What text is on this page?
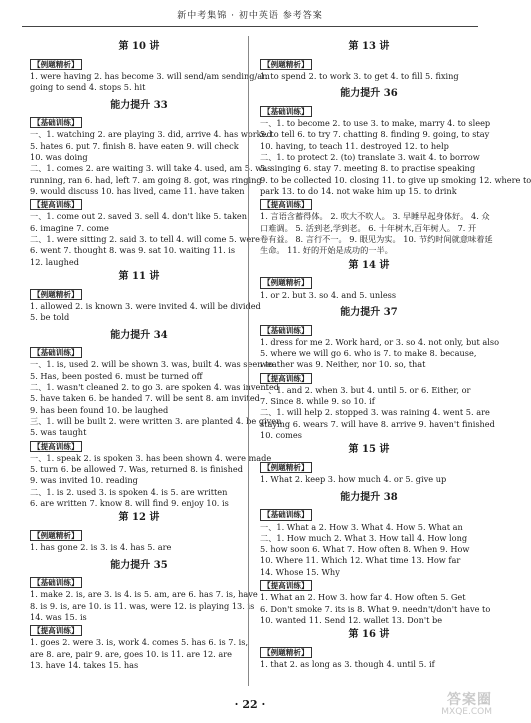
新中考集锦 · 初中英语 参考答案
第 10 讲
【例题精析】
1. were having 2. has become 3. will send/am sending/am
going to send 4. stops 5. hit
能力提升 33
【基础训练】
一、1. watching 2. are playing 3. did, arrive 4. has worked
5. hates 6. put 7. finish 8. have eaten 9. will check
10. was doing
二、1. comes 2. are waiting 3. will take 4. used, am 5. was
running, ran 6. had, left 7. am going 8. got, was ringing
9. would discuss 10. has lived, came 11. have taken
【提高训练】
一、1. come out 2. saved 3. sell 4. don't like 5. taken
6. imagine 7. come
二、1. were sitting 2. said 3. to tell 4. will come 5. were
6. went 7. thought 8. was 9. sat 10. waiting 11. is
12. laughed
第 11 讲
【例题精析】
1. allowed 2. is known 3. were invited 4. will be divided
5. be told
能力提升 34
【基础训练】
一、1. is, used 2. will be shown 3. was, built 4. was seen to
5. Has, been posted 6. must be turned off
二、1. wasn't cleaned 2. to go 3. are spoken 4. was invented
5. have taken 6. be handed 7. will be sent 8. am invited
9. has been found 10. be laughed
三、1. will be built 2. were written 3. are planted 4. be given
5. was taught
【提高训练】
一、1. speak 2. is spoken 3. has been shown 4. were made
5. turn 6. be allowed 7. Was, returned 8. is finished
9. was invited 10. reading
二、1. is 2. used 3. is spoken 4. is 5. are written
6. are written 7. know 8. will find 9. enjoy 10. is
第 12 讲
【例题精析】
1. has gone 2. is 3. is 4. has 5. are
能力提升 35
【基础训练】
1. make 2. is, are 3. is 4. is 5. am, are 6. has 7. is, have
8. is 9. is, are 10. is 11. was, were 12. is playing 13. is
14. was 15. is
【提高训练】
1. goes 2. were 3. is, work 4. comes 5. has 6. is 7. is,
are 8. are, pair 9. are, goes 10. is 11. are 12. are
13. have 14. takes 15. has
第 13 讲
【例题精析】
1. to spend 2. to work 3. to get 4. to fill 5. fixing
能力提升 36
【基础训练】
一、1. to become 2. to use 3. to make, marry 4. to sleep
5. to tell 6. to try 7. chatting 8. finding 9. going, to stay
10. having, to teach 11. destroyed 12. to help
二、1. to protect 2. (to) translate 3. wait 4. to borrow
5. singing 6. stay 7. meeting 8. to practise speaking
9. to be collected 10. closing 11. to give up smoking 12. where to
park 13. to do 14. not wake him up 15. to drink
【提高训练】
1. 言语含蓄得体。 2. 吹大不吹人。 3. 早睡早起身体好。 4. 众
口难调。 5. 活到老,学到老。 6. 十年树木,百年树人。 7. 开
卷有益。 8. 言行不一。 9. 眼见为实。 10. 节约时间就意味着延
生命。 11. 好的开始是成功的一半。
第 14 讲
【例题精析】
1. or 2. but 3. so 4. and 5. unless
能力提升 37
【基础训练】
1. dress for me 2. Work hard, or 3. so 4. not only, but also
5. where we will go 6. who is 7. to make 8. because,
weather was 9. Neither, nor 10. so, that
【提高训练】
一、1. and 2. when 3. but 4. until 5. or 6. Either, or
7. Since 8. while 9. so 10. if
二、1. will help 2. stopped 3. was raining 4. went 5. are
staying 6. wears 7. will have 8. arrive 9. haven't finished
10. comes
第 15 讲
【例题精析】
1. What 2. keep 3. how much 4. or 5. give up
能力提升 38
【基础训练】
一、1. What a 2. How 3. What 4. How 5. What an
二、1. How much 2. What 3. How tall 4. How long
5. how soon 6. What 7. How often 8. When 9. How
10. Where 11. Which 12. What time 13. How far
14. Whose 15. Why
【提高训练】
1. What an 2. How 3. how far 4. How often 5. Get
6. Don't smoke 7. its is 8. What 9. needn't/don't have to
10. wanted 11. Send 12. wallet 13. Don't be
第 16 讲
【例题精析】
1. that 2. as long as 3. though 4. until 5. if
· 22 ·	答案圈
MXQE.COM
